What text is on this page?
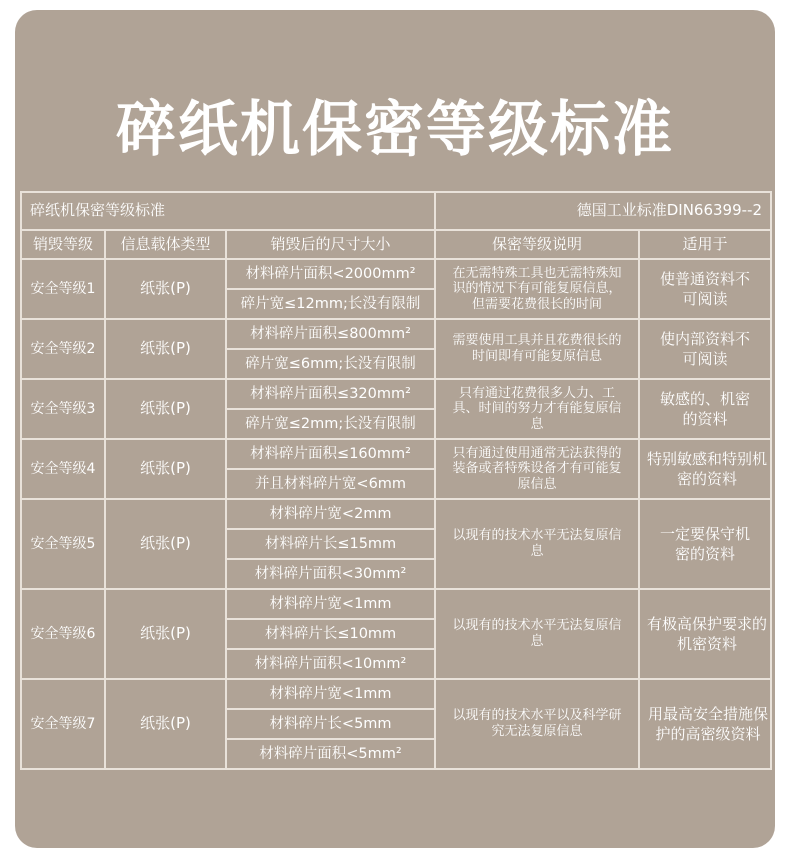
碎纸机保密等级标准
碎纸机保密等级标准			德国工业标准DIN66399--2	
销毁等级	信息载体类型	销毁后的尺寸大小	保密等级说明	适用于
安全等级1	纸张(P)	材料碎片面积<2000mm²	在无需特殊工具也无需特殊知识的情况下有可能复原信息，但需要花费很长的时间	使普通资料不可阅读
		碎片宽≤12mm;长没有限制		
安全等级2	纸张(P)	材料碎片面积≤800mm²	需要使用工具并且花费很长的时间即有可能复原信息	使内部资料不可阅读
		碎片宽≤6mm;长没有限制		
安全等级3	纸张(P)	材料碎片面积≤320mm²	只有通过花费很多人力、工具、时间的努力才有能复原信息	敏感的、机密的资料
		碎片宽≤2mm;长没有限制		
安全等级4	纸张(P)	材料碎片面积≤160mm²	只有通过使用通常无法获得的装备或者特殊设备才有可能复原信息	特别敏感和特别机密的资料
		并且材料碎片宽<6mm		
安全等级5	纸张(P)	材料碎片宽<2mm	以现有的技术水平无法复原信息	一定要保守机密的资料
		材料碎片长≤15mm		
		材料碎片面积<30mm²		
安全等级6	纸张(P)	材料碎片宽<1mm	以现有的技术水平无法复原信息	有极高保护要求的机密资料
		材料碎片长≤10mm		
		材料碎片面积<10mm²		
安全等级7	纸张(P)	材料碎片宽<1mm	以现有的技术水平以及科学研究无法复原信息	用最高安全措施保护的高密级资料
		材料碎片长<5mm		
		材料碎片面积<5mm²		
